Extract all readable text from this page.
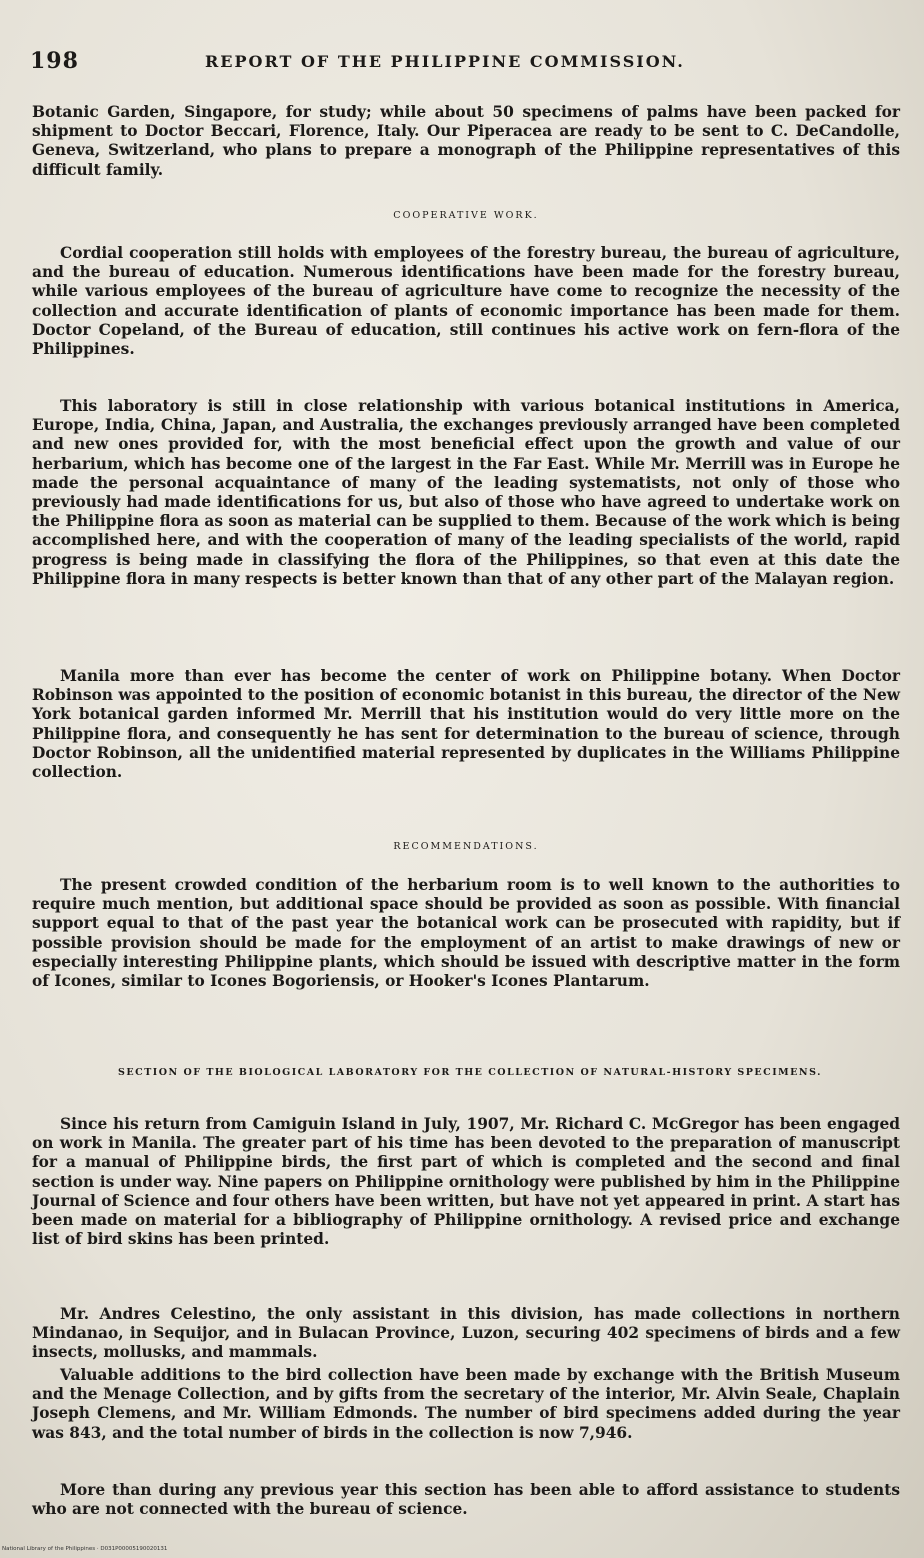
198	REPORT OF THE PHILIPPINE COMMISSION.

Botanic Garden, Singapore, for study; while about 50 specimens of palms have been packed for shipment to Doctor Beccari, Florence, Italy. Our Piperacea are ready to be sent to C. DeCandolle, Geneva, Switzerland, who plans to prepare a monograph of the Philippine representatives of this difficult family.

COOPERATIVE WORK.

Cordial cooperation still holds with employees of the forestry bureau, the bureau of agriculture, and the bureau of education. Numerous identifications have been made for the forestry bureau, while various employees of the bureau of agriculture have come to recognize the necessity of the collection and accurate identification of plants of economic importance has been made for them. Doctor Copeland, of the Bureau of education, still continues his active work on fern-flora of the Philippines.

This laboratory is still in close relationship with various botanical institutions in America, Europe, India, China, Japan, and Australia, the exchanges previously arranged have been completed and new ones provided for, with the most beneficial effect upon the growth and value of our herbarium, which has become one of the largest in the Far East. While Mr. Merrill was in Europe he made the personal acquaintance of many of the leading systematists, not only of those who previously had made identifications for us, but also of those who have agreed to undertake work on the Philippine flora as soon as material can be supplied to them. Because of the work which is being accomplished here, and with the cooperation of many of the leading specialists of the world, rapid progress is being made in classifying the flora of the Philippines, so that even at this date the Philippine flora in many respects is better known than that of any other part of the Malayan region.

Manila more than ever has become the center of work on Philippine botany. When Doctor Robinson was appointed to the position of economic botanist in this bureau, the director of the New York botanical garden informed Mr. Merrill that his institution would do very little more on the Philippine flora, and consequently he has sent for determination to the bureau of science, through Doctor Robinson, all the unidentified material represented by duplicates in the Williams Philippine collection.

RECOMMENDATIONS.

The present crowded condition of the herbarium room is to well known to the authorities to require much mention, but additional space should be provided as soon as possible. With financial support equal to that of the past year the botanical work can be prosecuted with rapidity, but if possible provision should be made for the employment of an artist to make drawings of new or especially interesting Philippine plants, which should be issued with descriptive matter in the form of Icones, similar to Icones Bogoriensis, or Hooker's Icones Plantarum.

SECTION OF THE BIOLOGICAL LABORATORY FOR THE COLLECTION OF NATURAL-HISTORY SPECIMENS.

Since his return from Camiguin Island in July, 1907, Mr. Richard C. McGregor has been engaged on work in Manila. The greater part of his time has been devoted to the preparation of manuscript for a manual of Philippine birds, the first part of which is completed and the second and final section is under way. Nine papers on Philippine ornithology were published by him in the Philippine Journal of Science and four others have been written, but have not yet appeared in print. A start has been made on material for a bibliography of Philippine ornithology. A revised price and exchange list of bird skins has been printed.

Mr. Andres Celestino, the only assistant in this division, has made collections in northern Mindanao, in Sequijor, and in Bulacan Province, Luzon, securing 402 specimens of birds and a few insects, mollusks, and mammals.

Valuable additions to the bird collection have been made by exchange with the British Museum and the Menage Collection, and by gifts from the secretary of the interior, Mr. Alvin Seale, Chaplain Joseph Clemens, and Mr. William Edmonds. The number of bird specimens added during the year was 843, and the total number of birds in the collection is now 7,946.

More than during any previous year this section has been able to afford assistance to students who are not connected with the bureau of science.

National Library of the Philippines · D031P00005190020131
